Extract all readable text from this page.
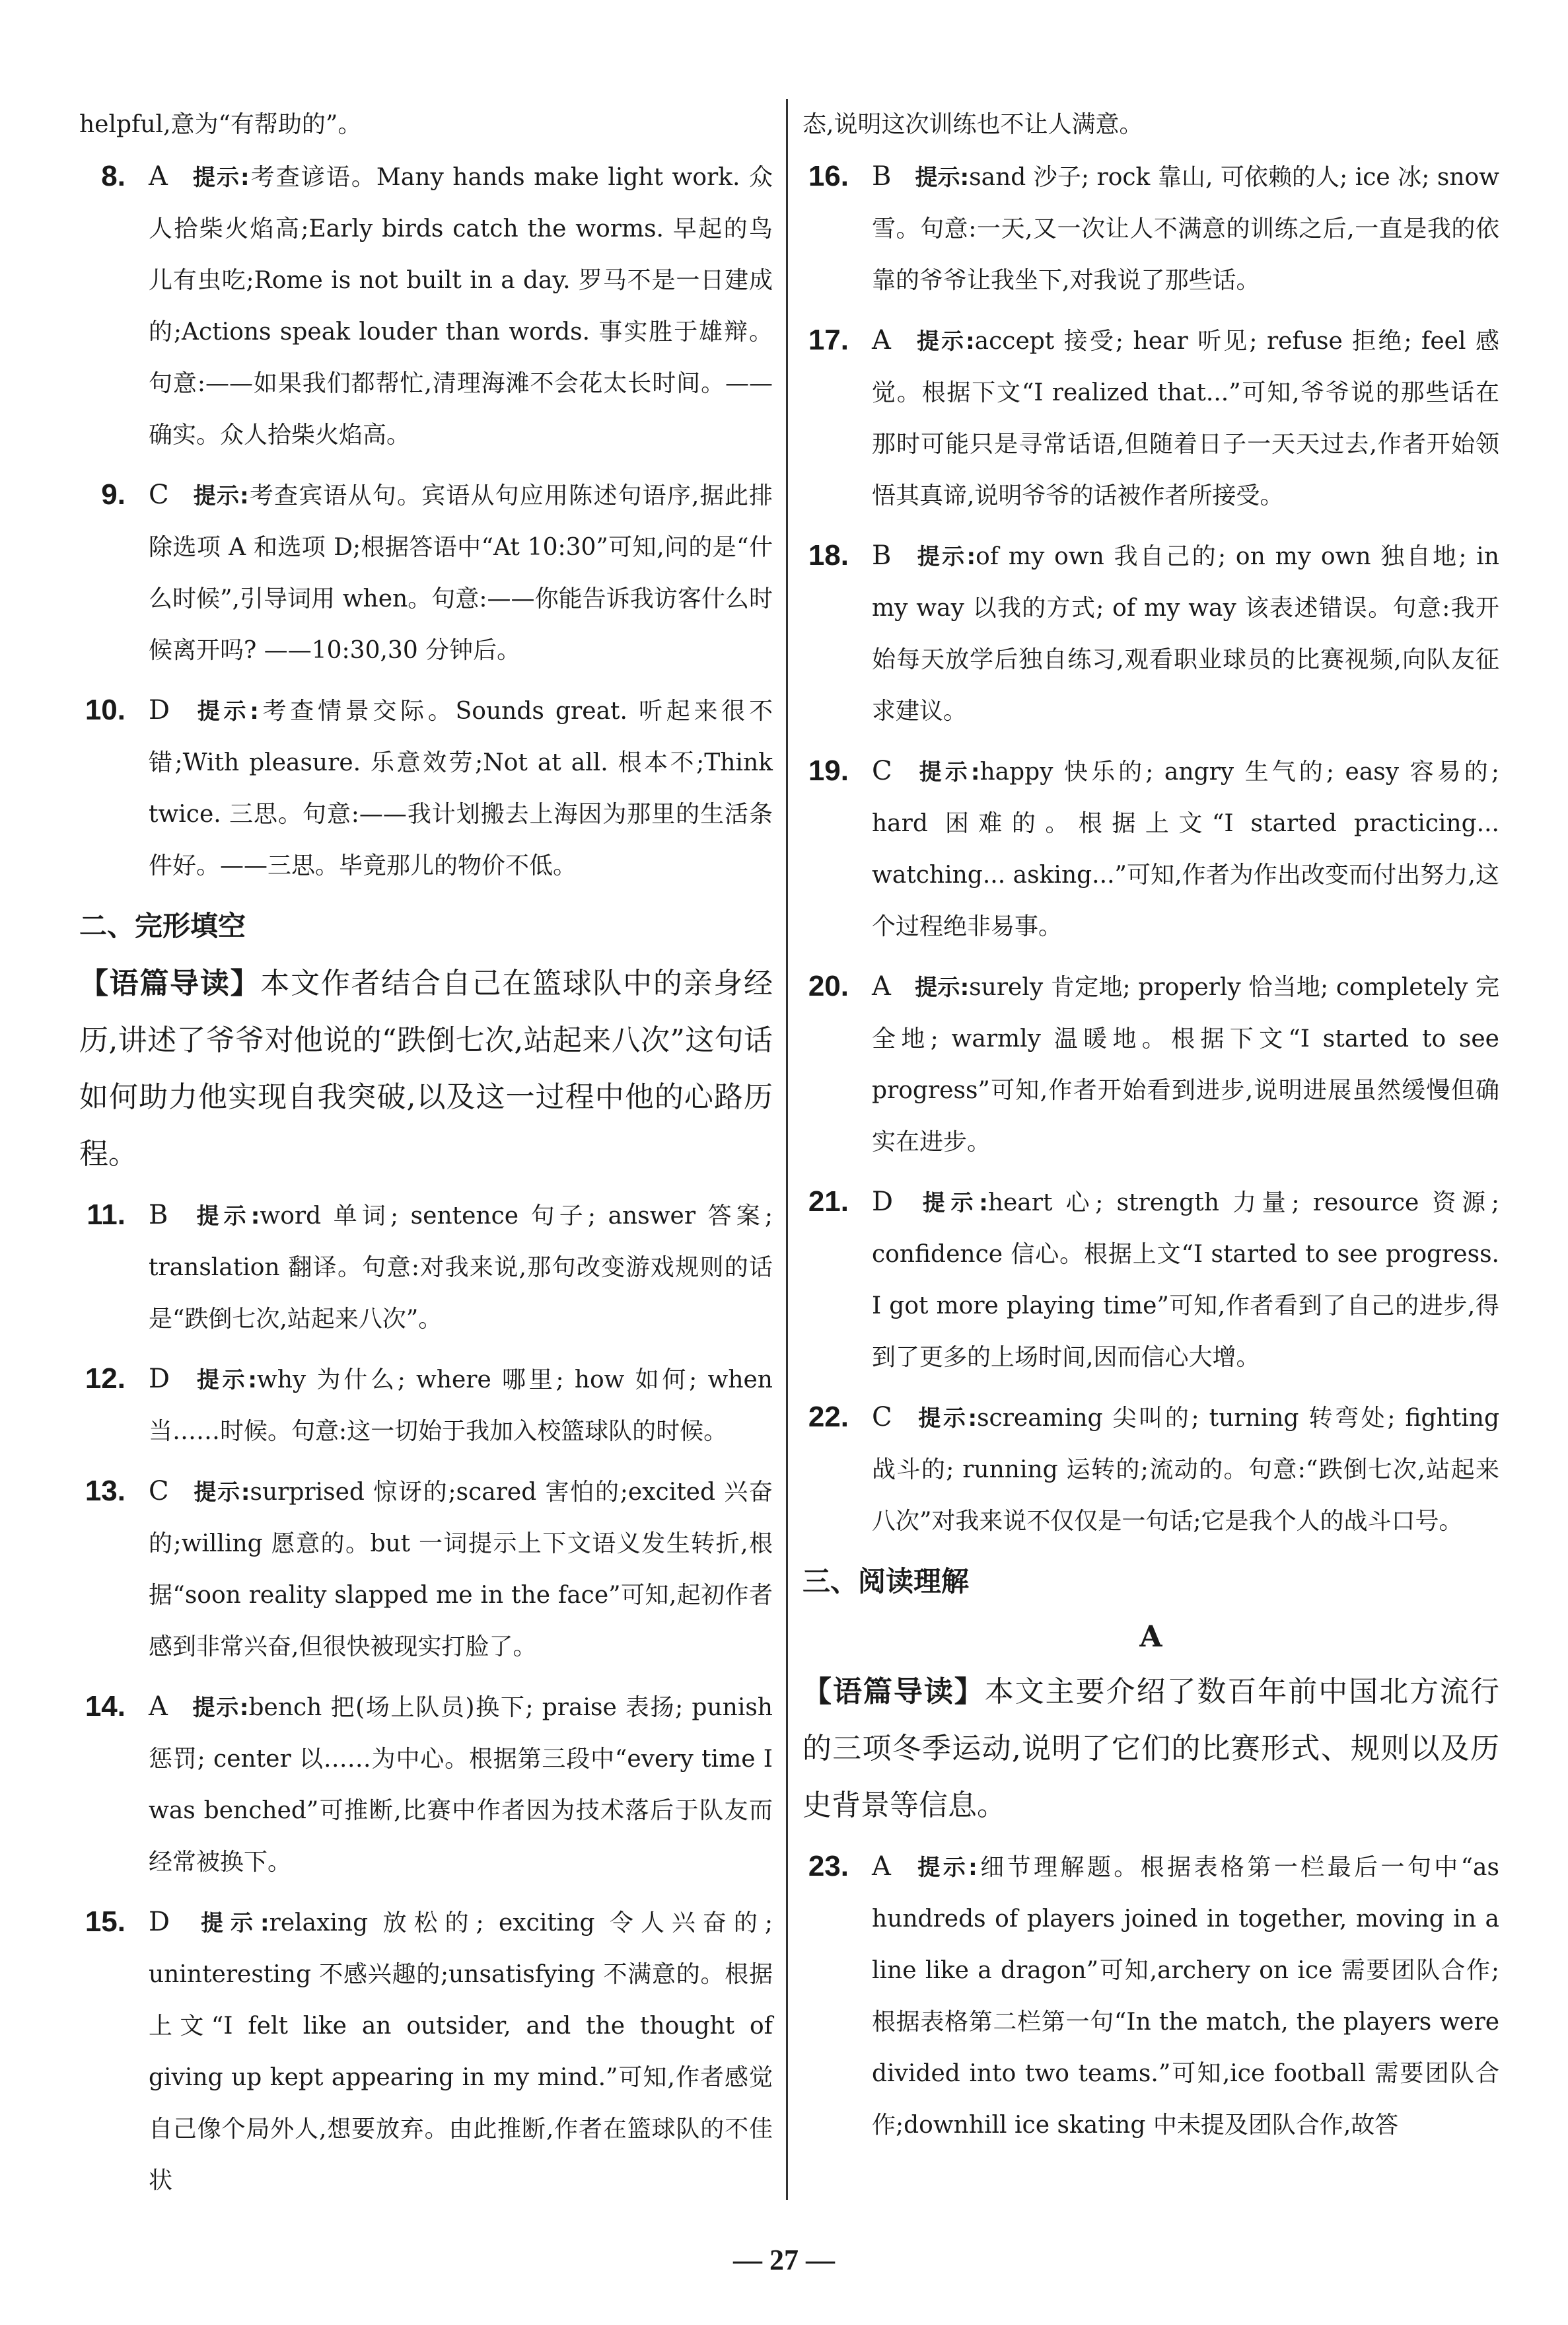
helpful,意为“有帮助的”。

8. A 提示:考查谚语。Many hands make light work. 众人拾柴火焰高;Early birds catch the worms. 早起的鸟儿有虫吃;Rome is not built in a day. 罗马不是一日建成的;Actions speak louder than words. 事实胜于雄辩。句意:——如果我们都帮忙,清理海滩不会花太长时间。——确实。众人拾柴火焰高。
9. C 提示:考查宾语从句。宾语从句应用陈述句语序,据此排除选项 A 和选项 D;根据答语中“At 10:30”可知,问的是“什么时候”,引导词用 when。句意:——你能告诉我访客什么时候离开吗? ——10:30,30 分钟后。
10. D 提示:考查情景交际。Sounds great. 听起来很不错;With pleasure. 乐意效劳;Not at all. 根本不;Think twice. 三思。句意:——我计划搬去上海因为那里的生活条件好。——三思。毕竟那儿的物价不低。
二、完形填空

【语篇导读】本文作者结合自己在篮球队中的亲身经历,讲述了爷爷对他说的“跌倒七次,站起来八次”这句话如何助力他实现自我突破,以及这一过程中他的心路历程。

11. B 提示:word 单词; sentence 句子; answer 答案; translation 翻译。句意:对我来说,那句改变游戏规则的话是“跌倒七次,站起来八次”。
12. D 提示:why 为什么; where 哪里; how 如何; when 当……时候。句意:这一切始于我加入校篮球队的时候。
13. C 提示:surprised 惊讶的;scared 害怕的;excited 兴奋的;willing 愿意的。but 一词提示上下文语义发生转折,根据“soon reality slapped me in the face”可知,起初作者感到非常兴奋,但很快被现实打脸了。
14. A 提示:bench 把(场上队员)换下; praise 表扬; punish 惩罚; center 以……为中心。根据第三段中“every time I was benched”可推断,比赛中作者因为技术落后于队友而经常被换下。
15. D 提示:relaxing 放松的; exciting 令人兴奋的; uninteresting 不感兴趣的;unsatisfying 不满意的。根据上文“I felt like an outsider, and the thought of giving up kept appearing in my mind.”可知,作者感觉自己像个局外人,想要放弃。由此推断,作者在篮球队的不佳状

态,说明这次训练也不让人满意。

16. B 提示:sand 沙子; rock 靠山, 可依赖的人; ice 冰; snow 雪。句意:一天,又一次让人不满意的训练之后,一直是我的依靠的爷爷让我坐下,对我说了那些话。
17. A 提示:accept 接受; hear 听见; refuse 拒绝; feel 感觉。根据下文“I realized that...”可知,爷爷说的那些话在那时可能只是寻常话语,但随着日子一天天过去,作者开始领悟其真谛,说明爷爷的话被作者所接受。
18. B 提示:of my own 我自己的; on my own 独自地; in my way 以我的方式; of my way 该表述错误。句意:我开始每天放学后独自练习,观看职业球员的比赛视频,向队友征求建议。
19. C 提示:happy 快乐的; angry 生气的; easy 容易的; hard 困难的。根据上文“I started practicing... watching... asking...”可知,作者为作出改变而付出努力,这个过程绝非易事。
20. A 提示:surely 肯定地; properly 恰当地; completely 完全地; warmly 温暖地。根据下文“I started to see progress”可知,作者开始看到进步,说明进展虽然缓慢但确实在进步。
21. D 提示:heart 心; strength 力量; resource 资源; confidence 信心。根据上文“I started to see progress. I got more playing time”可知,作者看到了自己的进步,得到了更多的上场时间,因而信心大增。
22. C 提示:screaming 尖叫的; turning 转弯处; fighting 战斗的; running 运转的;流动的。句意:“跌倒七次,站起来八次”对我来说不仅仅是一句话;它是我个人的战斗口号。
三、阅读理解

A

【语篇导读】本文主要介绍了数百年前中国北方流行的三项冬季运动,说明了它们的比赛形式、规则以及历史背景等信息。

23. A 提示:细节理解题。根据表格第一栏最后一句中“as hundreds of players joined in together, moving in a line like a dragon”可知,archery on ice 需要团队合作;根据表格第二栏第一句“In the match, the players were divided into two teams.”可知,ice football 需要团队合作;downhill ice skating 中未提及团队合作,故答
— 27 —
